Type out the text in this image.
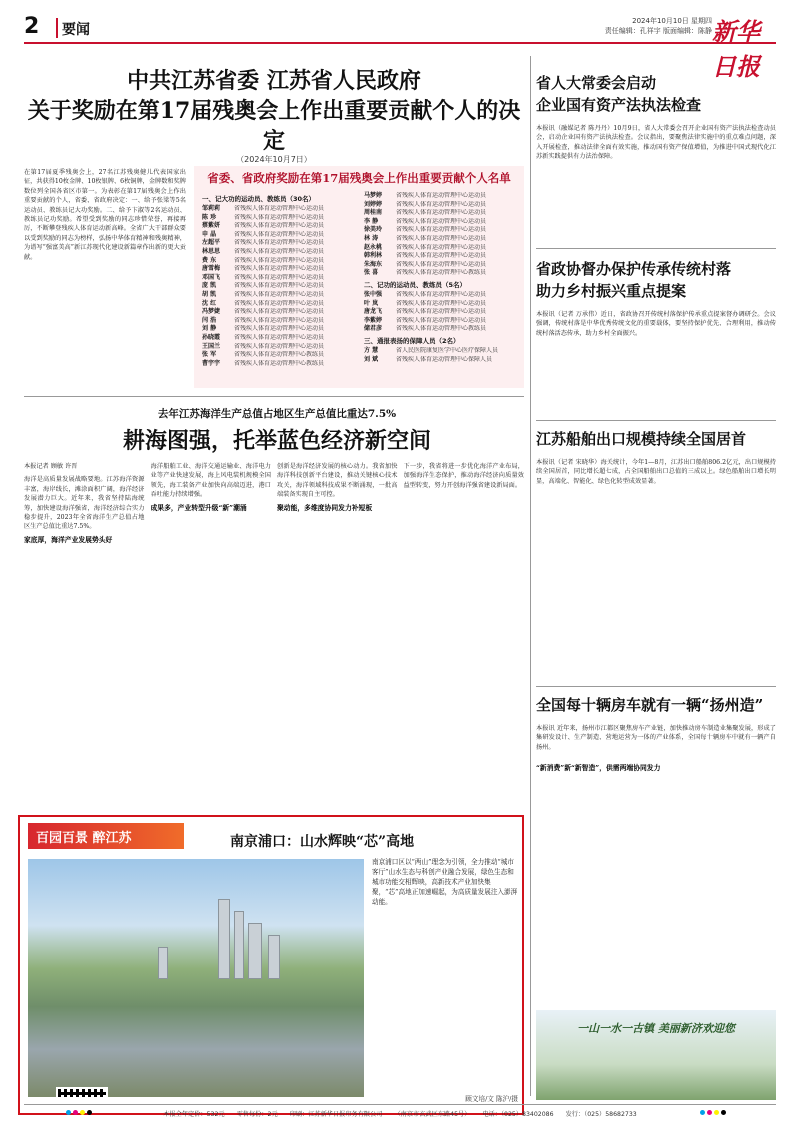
2 要闻
2024年10月10日 星期四
责任编辑：孔祥宇 版面编辑：陈静 新华日报
中共江苏省委 江苏省人民政府
关于奖励在第17届残奥会上作出重要贡献个人的决定
（2024年10月7日）
在第17届夏季残奥会上，27名江苏残奥健儿代表国家出征，共获得10枚金牌、10枚银牌、6枚铜牌，金牌数和奖牌数位列全国各省区市第一。为表彰在第17届残奥会上作出重要贡献的个人，省委、省政府决定：一、给予张梁等5名运动员、教练员记大功奖励。二、给予卞淑等2名运动员、教练员记功奖励。希望受到奖励的同志珍惜荣誉，再接再厉，不断攀登残疾人体育运动新高峰。全省广大干部群众要以受到奖励的同志为榜样，弘扬中华体育精神和残奥精神，为谱写“强富美高”新江苏现代化建设新篇章作出新的更大贡献。
省委、省政府奖励在第17届残奥会上作出重要贡献个人名单
一、记大功的运动员、教练员（30名）
邹莉莉	省残疾人体育运动管理中心运动员
陈 珍	省残疾人体育运动管理中心运动员
蔡紫妍	省残疾人体育运动管理中心运动员
申 晶	省残疾人体育运动管理中心运动员
左超平	省残疾人体育运动管理中心运动员
林思思	省残疾人体育运动管理中心运动员
费 东	省残疾人体育运动管理中心运动员
唐雪梅	省残疾人体育运动管理中心运动员
邓国飞	省残疾人体育运动管理中心运动员
庞 凯	省残疾人体育运动管理中心运动员
胡 凯	省残疾人体育运动管理中心运动员
沈 红	省残疾人体育运动管理中心运动员
冯梦婕	省残疾人体育运动管理中心运动员
闫 浩	省残疾人体育运动管理中心运动员
刘 静	省残疾人体育运动管理中心运动员
孙晓霞	省残疾人体育运动管理中心运动员
王国兰	省残疾人体育运动管理中心运动员
张 军	省残疾人体育运动管理中心教练员
曹宇宇	省残疾人体育运动管理中心教练员
马梦婷	省残疾人体育运动管理中心运动员
刘婷婷	省残疾人体育运动管理中心运动员
周桂南	省残疾人体育运动管理中心运动员
李 静	省残疾人体育运动管理中心运动员
徐美玲	省残疾人体育运动管理中心运动员
林 涛	省残疾人体育运动管理中心运动员
赵永桃	省残疾人体育运动管理中心运动员
韩利林	省残疾人体育运动管理中心运动员
朱海东	省残疾人体育运动管理中心运动员
张 喜	省残疾人体育运动管理中心教练员
二、记功的运动员、教练员（5名）
张中强	省残疾人体育运动管理中心运动员
叶 岚	省残疾人体育运动管理中心运动员
唐龙飞	省残疾人体育运动管理中心运动员
李紫婷	省残疾人体育运动管理中心运动员
储君彦	省残疾人体育运动管理中心教练员
三、通报表扬的保障人员（2名）
方 慧	省人民医院康复医学中心医疗保障人员
刘 斌	省残疾人体育运动管理中心保障人员
省人大常委会启动
企业国有资产法执法检查
本报讯（融媒记者 陈丹丹）10月9日，省人大常委会召开企业国有资产法执法检查动员会，启动企业国有资产法执法检查。会议指出，要聚焦法律实施中的重点难点问题，深入开展检查，推动法律全面有效实施，推动国有资产保值增值，为推进中国式现代化江苏新实践提供有力法治保障。
省政协督办保护传承传统村落
助力乡村振兴重点提案
本报讯（记者 万承伟）近日，省政协召开传统村落保护传承重点提案督办调研会。会议强调，传统村落是中华优秀传统文化的重要载体，要坚持保护优先、合理利用，推动传统村落活态传承，助力乡村全面振兴。
江苏船舶出口规模持续全国居首
本报讯（记者 宋晓华）海关统计，今年1—8月，江苏出口船舶806.2亿元，出口规模持续全国居首，同比增长超七成，占全国船舶出口总值的三成以上。绿色船舶出口增长明显，高端化、智能化、绿色化转型成效显著。
全国每十辆房车就有一辆“扬州造”
本报讯 近年来，扬州市江都区聚焦房车产业链，加快推动房车制造业集聚发展，形成了集研发设计、生产制造、营地运营为一体的产业体系，全国每十辆房车中就有一辆产自扬州。
“新消费”新“新智造”，供需两端协同发力
去年江苏海洋生产总值占地区生产总值比重达7.5%
耕海图强，托举蓝色经济新空间
本报记者 顾敏 许晋
海洋是高质量发展战略要地。江苏海洋资源丰富，海岸线长，滩涂面积广阔，海洋经济发展潜力巨大。近年来，我省坚持陆海统筹，加快建设海洋强省，海洋经济综合实力稳步提升，2023年全省海洋生产总值占地区生产总值比重达7.5%。
家底厚，海洋产业发展势头好
海洋船舶工业、海洋交通运输业、海洋电力业等产业快速发展，海上风电装机规模全国领先，海工装备产业加快向高端迈进，港口吞吐能力持续增强。
成果多，产业转型升级“新”潮涌
创新是海洋经济发展的核心动力。我省加快海洋科技创新平台建设，推动关键核心技术攻关，海洋领域科技成果不断涌现，一批高端装备实现自主可控。
聚动能，多维度协同发力补短板
下一步，我省将进一步优化海洋产业布局，加强海洋生态保护，推动海洋经济向质量效益型转变，努力开创海洋强省建设新局面。
百园百景 醉江苏	南京浦口：山水辉映“芯”高地
南京浦口区以“两山”理念为引领，全力推动“城市客厅”山水生态与科创产业融合发展，绿色生态和城市功能交相辉映，高新技术产业加快集聚，“芯”高地正加速崛起，为高质量发展注入澎湃动能。
顾文培/文 陈沪/摄
一山一水一古镇 美丽新济欢迎您
本报全年定价：532元 零售每份：2元 印刷：江苏新华日报印务有限公司 （南京市玄武区东路45号） 电话：（025）83402086 发行：（025）58682733
